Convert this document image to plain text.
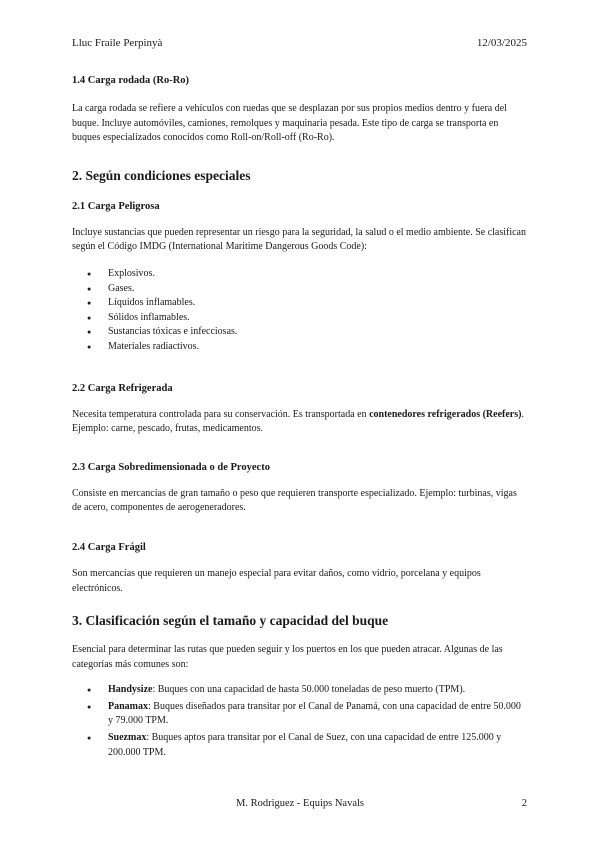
Lluc Fraile Perpinyà	12/03/2025
1.4 Carga rodada (Ro-Ro)

La carga rodada se refiere a vehículos con ruedas que se desplazan por sus propios medios dentro y fuera del buque. Incluye automóviles, camiones, remolques y maquinaria pesada. Este tipo de carga se transporta en buques especializados conocidos como Roll-on/Roll-off (Ro-Ro).

2. Según condiciones especiales
2.1 Carga Peligrosa

Incluye sustancias que pueden representar un riesgo para la seguridad, la salud o el medio ambiente. Se clasifican según el Código IMDG (International Maritime Dangerous Goods Code):

● Explosivos.
● Gases.
● Líquidos inflamables.
● Sólidos inflamables.
● Sustancias tóxicas e infecciosas.
● Materiales radiactivos.
2.2 Carga Refrigerada

Necesita temperatura controlada para su conservación. Es transportada en contenedores refrigerados (Reefers). Ejemplo: carne, pescado, frutas, medicamentos.

2.3 Carga Sobredimensionada o de Proyecto

Consiste en mercancías de gran tamaño o peso que requieren transporte especializado. Ejemplo: turbinas, vigas de acero, componentes de aerogeneradores.

2.4 Carga Frágil

Son mercancías que requieren un manejo especial para evitar daños, como vidrio, porcelana y equipos electrónicos.

3. Clasificación según el tamaño y capacidad del buque

Esencial para determinar las rutas que pueden seguir y los puertos en los que pueden atracar. Algunas de las categorías más comunes son:

● Handysize: Buques con una capacidad de hasta 50.000 toneladas de peso muerto (TPM).
● Panamax: Buques diseñados para transitar por el Canal de Panamá, con una capacidad de entre 50.000 y 79.000 TPM.
● Suezmax: Buques aptos para transitar por el Canal de Suez, con una capacidad de entre 125.000 y 200.000 TPM.
M. Rodriguez - Equips Navals	2
